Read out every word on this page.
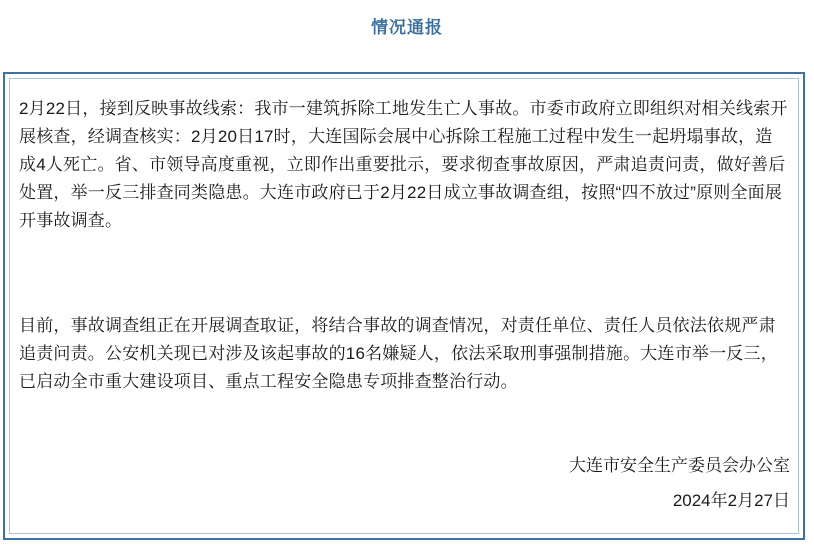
情况通报

2月22日，接到反映事故线索：我市一建筑拆除工地发生亡人事故。市委市政府立即组织对相关线索开展核查，经调查核实：2月20日17时，大连国际会展中心拆除工程施工过程中发生一起坍塌事故，造成4人死亡。省、市领导高度重视，立即作出重要批示，要求彻查事故原因，严肃追责问责，做好善后处置，举一反三排查同类隐患。大连市政府已于2月22日成立事故调查组，按照“四不放过”原则全面展开事故调查。

目前，事故调查组正在开展调查取证，将结合事故的调查情况，对责任单位、责任人员依法依规严肃追责问责。公安机关现已对涉及该起事故的16名嫌疑人，依法采取刑事强制措施。大连市举一反三，已启动全市重大建设项目、重点工程安全隐患专项排查整治行动。

大连市安全生产委员会办公室
2024年2月27日
